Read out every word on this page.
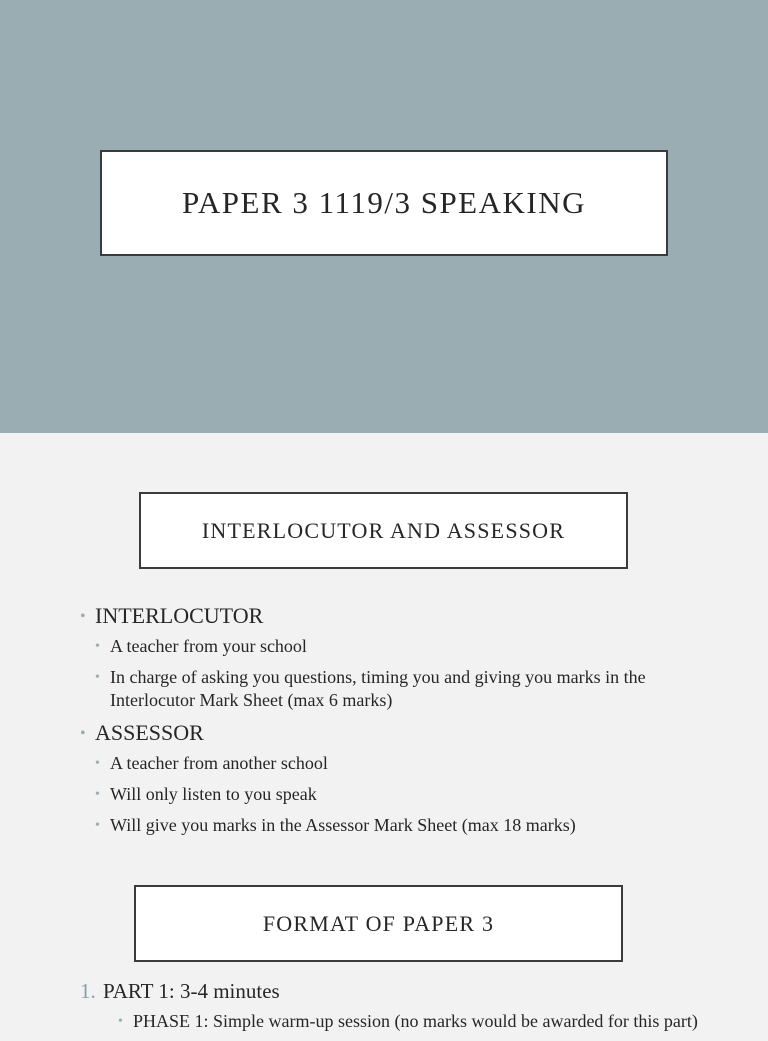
PAPER 3 1119/3 SPEAKING
INTERLOCUTOR AND ASSESSOR
• INTERLOCUTOR
• A teacher from your school
• In charge of asking you questions, timing you and giving you marks in the Interlocutor Mark Sheet (max 6 marks)
• ASSESSOR
• A teacher from another school
• Will only listen to you speak
• Will give you marks in the Assessor Mark Sheet (max 18 marks)
FORMAT OF PAPER 3
1. PART 1: 3-4 minutes
• PHASE 1: Simple warm-up session (no marks would be awarded for this part)
